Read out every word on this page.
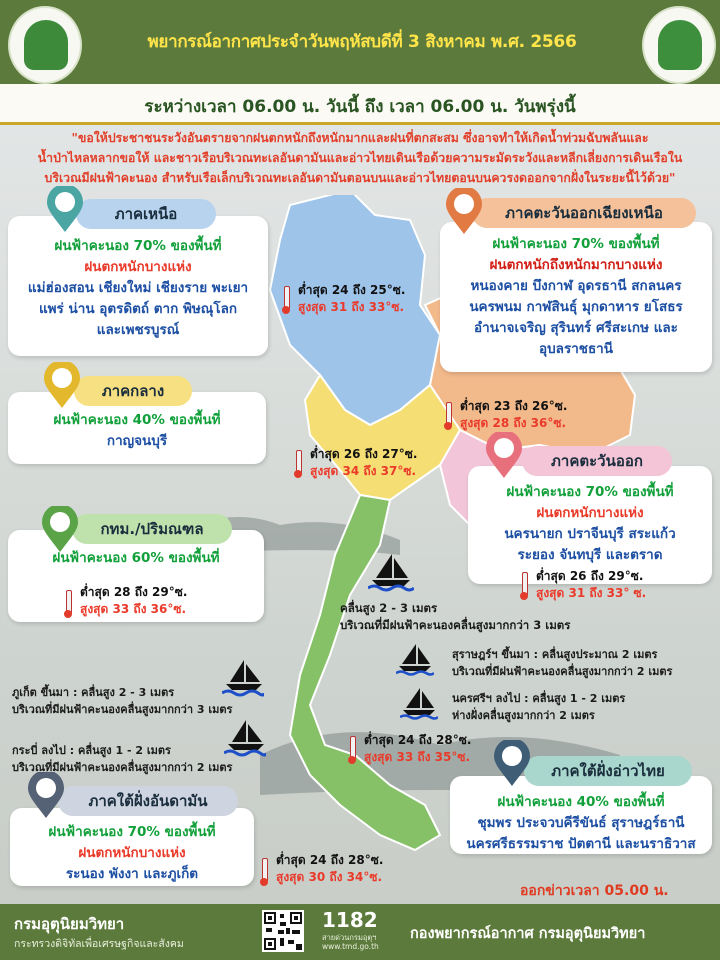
พยากรณ์อากาศประจำวันพฤหัสบดีที่ 3 สิงหาคม พ.ศ. 2566
ระหว่างเวลา 06.00 น. วันนี้ ถึง เวลา 06.00 น. วันพรุ่งนี้
"ขอให้ประชาชนระวังอันตรายจากฝนตกหนักถึงหนักมากและฝนที่ตกสะสม ซึ่งอาจทำให้เกิดน้ำท่วมฉับพลันและ
น้ำป่าไหลหลากขอให้ และชาวเรือบริเวณทะเลอันดามันและอ่าวไทยเดินเรือด้วยความระมัดระวังและหลีกเลี่ยงการเดินเรือใน
บริเวณมีฝนฟ้าคะนอง สำหรับเรือเล็กบริเวณทะเลอันดามันตอนบนและอ่าวไทยตอนบนควรงดออกจากฝั่งในระยะนี้ไว้ด้วย"
ฝนฟ้าคะนอง 70% ของพื้นที่
ฝนตกหนักบางแห่ง
แม่ฮ่องสอน เชียงใหม่ เชียงราย พะเยา
แพร่ น่าน อุตรดิตถ์ ตาก พิษณุโลก
และเพชรบูรณ์
ภาคเหนือ
ฝนฟ้าคะนอง 70% ของพื้นที่
ฝนตกหนักถึงหนักมากบางแห่ง
หนองคาย บึงกาฬ อุดรธานี สกลนคร
นครพนม กาฬสินธุ์ มุกดาหาร ยโสธร
อำนาจเจริญ สุรินทร์ ศรีสะเกษ และ
อุบลราชธานี
ภาคตะวันออกเฉียงเหนือ
ฝนฟ้าคะนอง 40% ของพื้นที่
กาญจนบุรี
ภาคกลาง
ฝนฟ้าคะนอง 70% ของพื้นที่
ฝนตกหนักบางแห่ง
นครนายก ปราจีนบุรี สระแก้ว
ระยอง จันทบุรี และตราด
ภาคตะวันออก
ฝนฟ้าคะนอง 60% ของพื้นที่
กทม./ปริมณฑล
ต่ำสุด 28 ถึง 29°ซ.
สูงสุด 33 ถึง 36°ซ.
ฝนฟ้าคะนอง 40% ของพื้นที่
ชุมพร ประจวบคีรีขันธ์ สุราษฎร์ธานี
นครศรีธรรมราช ปัตตานี และนราธิวาส
ภาคใต้ฝั่งอ่าวไทย
ฝนฟ้าคะนอง 70% ของพื้นที่
ฝนตกหนักบางแห่ง
ระนอง พังงา และภูเก็ต
ภาคใต้ฝั่งอันดามัน
ต่ำสุด 24 ถึง 25°ซ.
สูงสุด 31 ถึง 33°ซ.
ต่ำสุด 23 ถึง 26°ซ.
สูงสุด 28 ถึง 36°ซ.
ต่ำสุด 26 ถึง 27°ซ.
สูงสุด 34 ถึง 37°ซ.
ต่ำสุด 26 ถึง 29°ซ.
สูงสุด 31 ถึง 33° ซ.
ต่ำสุด 24 ถึง 28°ซ.
สูงสุด 33 ถึง 35°ซ.
ต่ำสุด 24 ถึง 28°ซ.
สูงสุด 30 ถึง 34°ซ.
คลื่นสูง 2 - 3 เมตร
บริเวณที่มีฝนฟ้าคะนองคลื่นสูงมากกว่า 3 เมตร
สุราษฎร์ฯ ขึ้นมา : คลื่นสูงประมาณ 2 เมตร
บริเวณที่มีฝนฟ้าคะนองคลื่นสูงมากกว่า 2 เมตร
นครศรีฯ ลงไป : คลื่นสูง 1 - 2 เมตร
ห่างฝั่งคลื่นสูงมากกว่า 2 เมตร
ภูเก็ต ขึ้นมา : คลื่นสูง 2 - 3 เมตร
บริเวณที่มีฝนฟ้าคะนองคลื่นสูงมากกว่า 3 เมตร
กระบี่ ลงไป : คลื่นสูง 1 - 2 เมตร
บริเวณที่มีฝนฟ้าคะนองคลื่นสูงมากกว่า 2 เมตร
ออกข่าวเวลา 05.00 น.
กรมอุตุนิยมวิทยา
กระทรวงดิจิทัลเพื่อเศรษฐกิจและสังคม
1182
สายด่วนกรมอุตุฯ
www.tmd.go.th
กองพยากรณ์อากาศ กรมอุตุนิยมวิทยา
